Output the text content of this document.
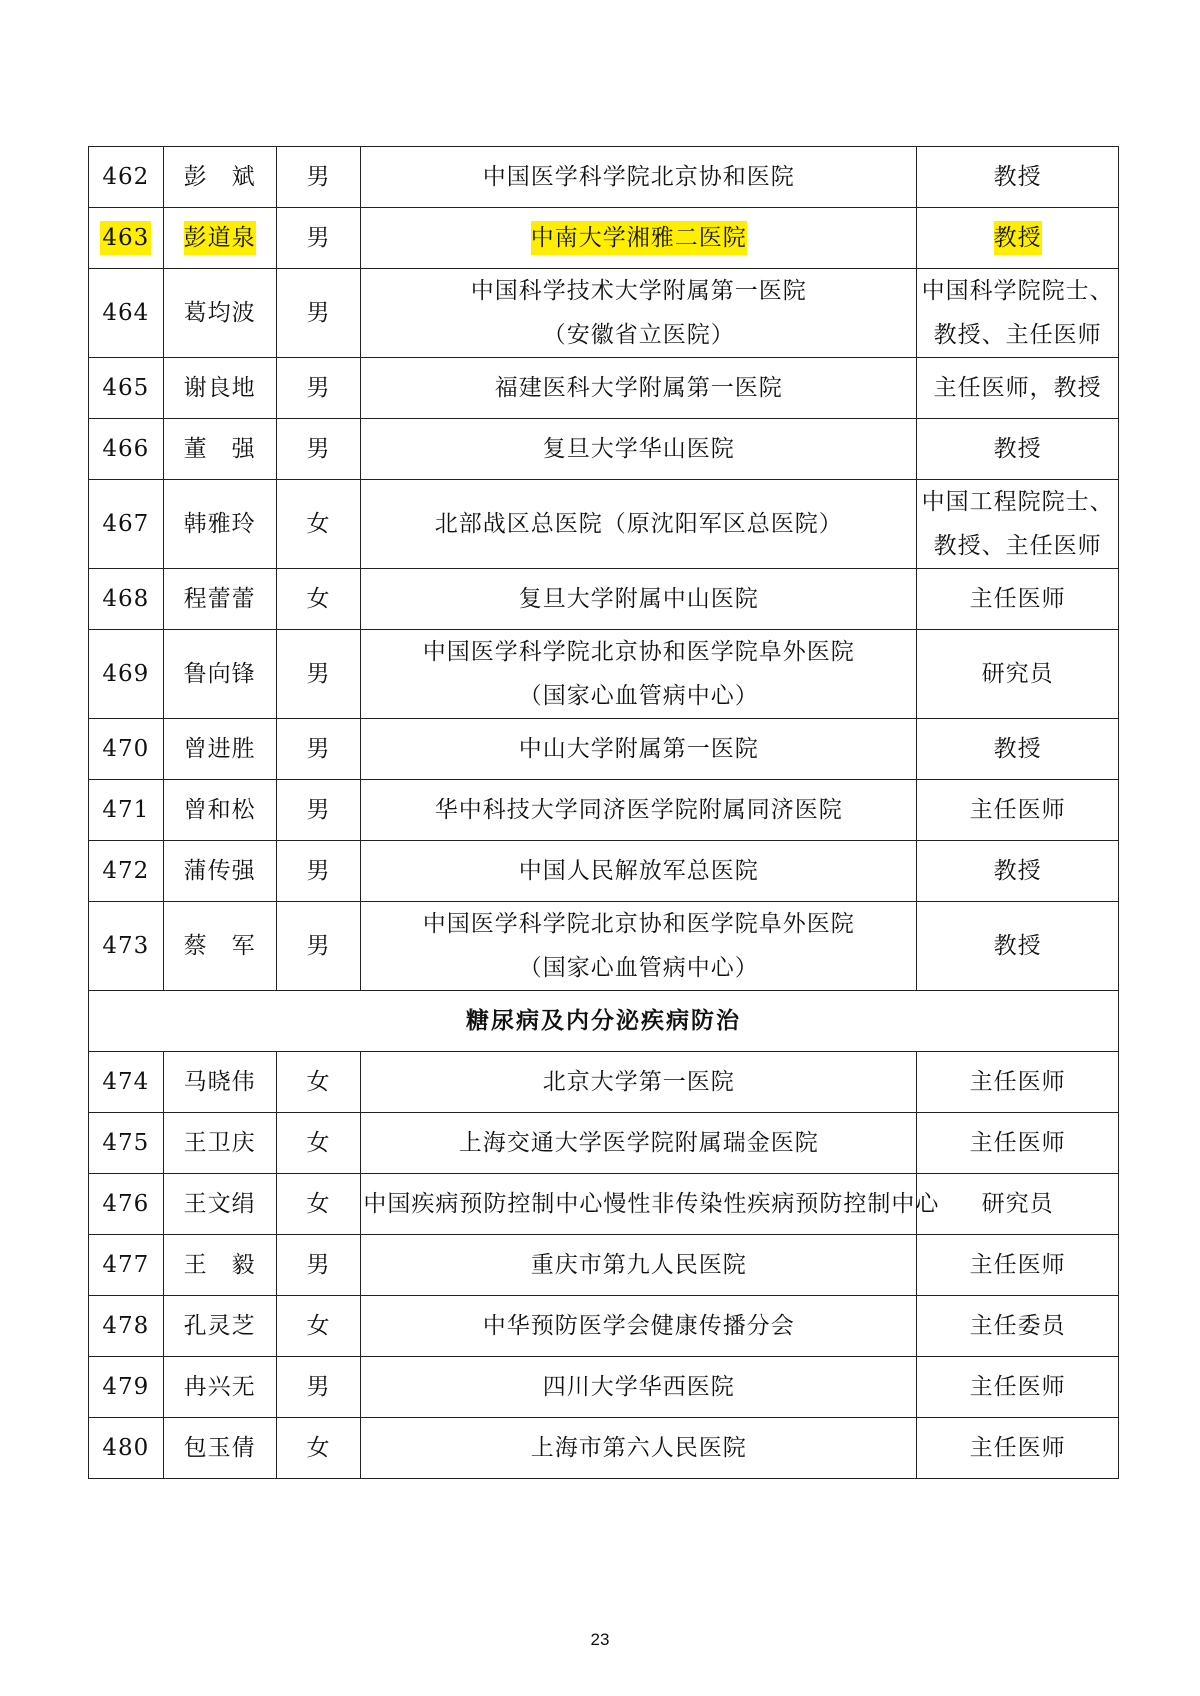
462	彭　斌	男	中国医学科学院北京协和医院	教授
463	彭道泉	男	中南大学湘雅二医院	教授
464	葛均波	男	中国科学技术大学附属第一医院
（安徽省立医院）	中国科学院院士、
教授、主任医师

465	谢良地	男	福建医科大学附属第一医院	主任医师，教授
466	董　强	男	复旦大学华山医院	教授
467	韩雅玲	女	北部战区总医院（原沈阳军区总医院）	中国工程院院士、
教授、主任医师

468	程蕾蕾	女	复旦大学附属中山医院	主任医师
469	鲁向锋	男	中国医学科学院北京协和医学院阜外医院
（国家心血管病中心）	研究员
470	曾进胜	男	中山大学附属第一医院	教授
471	曾和松	男	华中科技大学同济医学院附属同济医院	主任医师
472	蒲传强	男	中国人民解放军总医院	教授
473	蔡　军	男	中国医学科学院北京协和医学院阜外医院
（国家心血管病中心）	教授
糖尿病及内分泌疾病防治				
474	马晓伟	女	北京大学第一医院	主任医师
475	王卫庆	女	上海交通大学医学院附属瑞金医院	主任医师
476	王文绢	女	中国疾病预防控制中心慢性非传染性疾病预防控制中心	研究员
477	王　毅	男	重庆市第九人民医院	主任医师
478	孔灵芝	女	中华预防医学会健康传播分会	主任委员
479	冉兴无	男	四川大学华西医院	主任医师
480	包玉倩	女	上海市第六人民医院	主任医师
23
